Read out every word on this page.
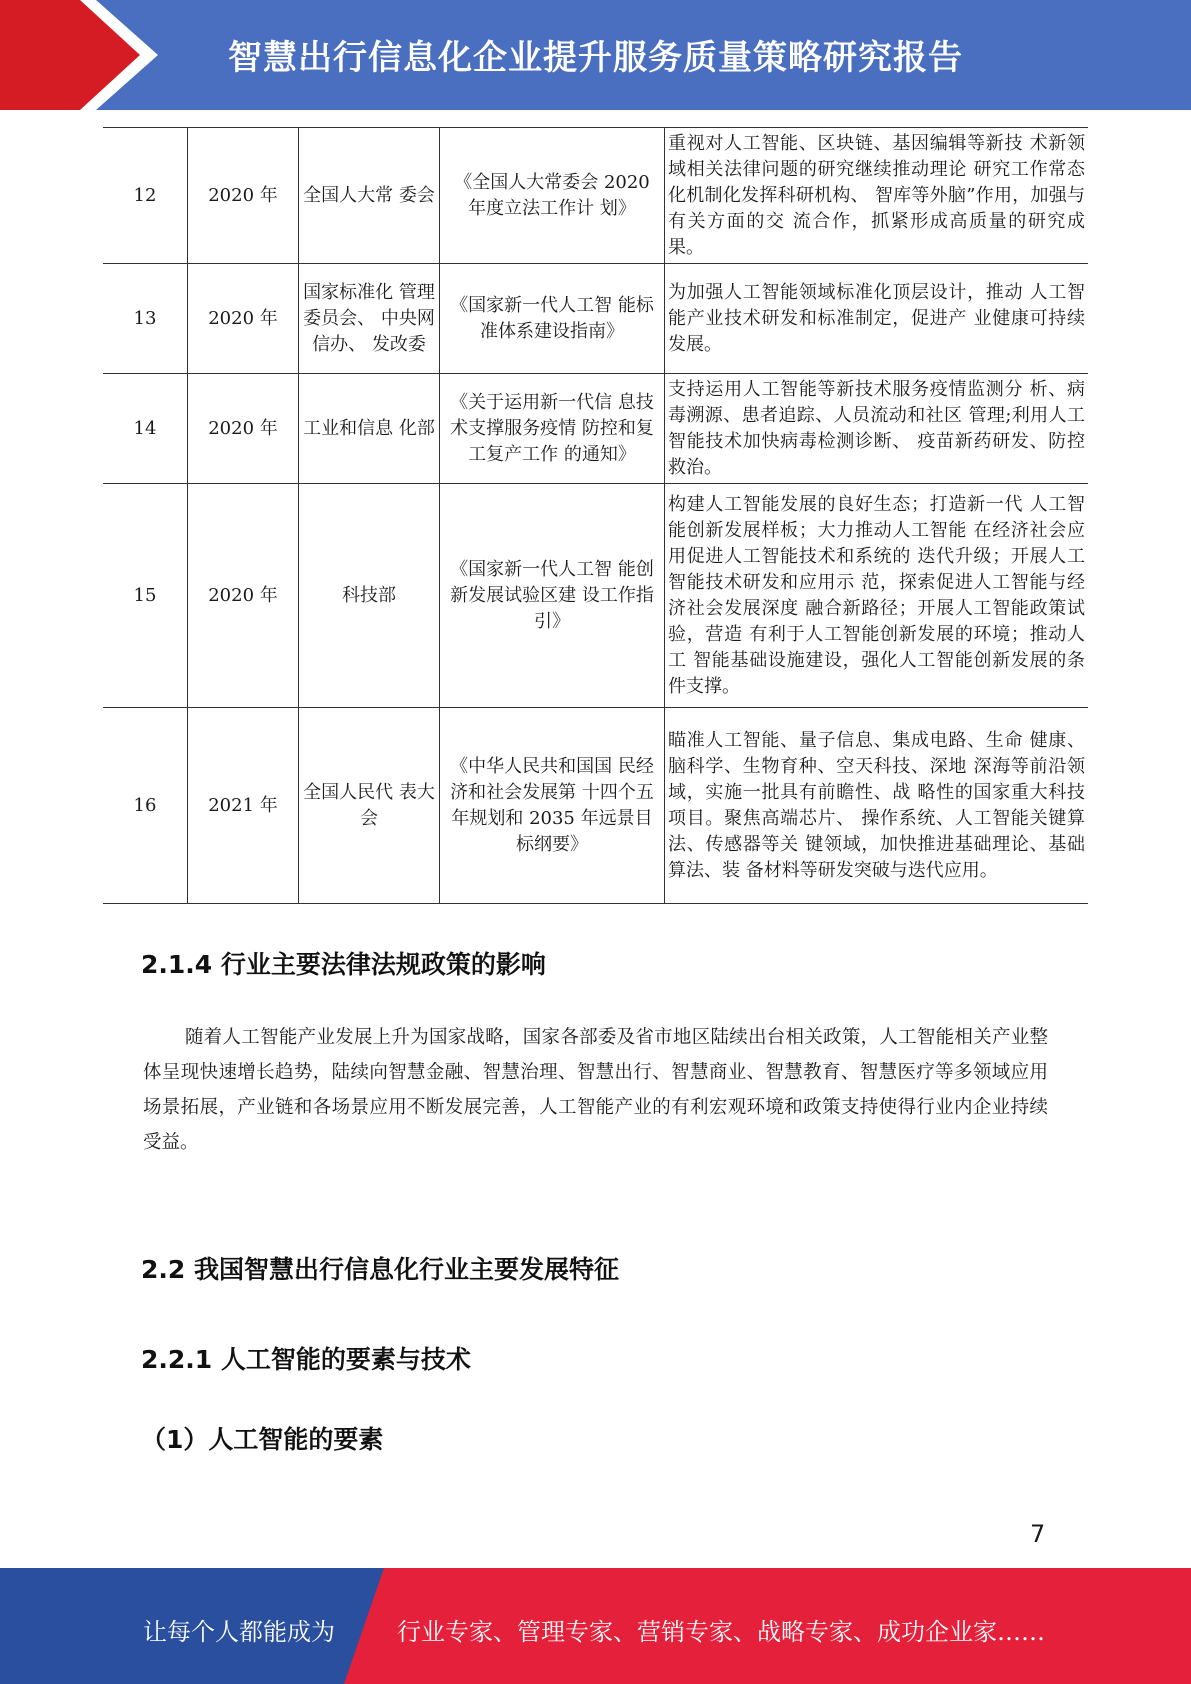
智慧出行信息化企业提升服务质量策略研究报告
12	2020 年	全国人大常 委会	《全国人大常委会 2020 年度立法工作计 划》	重视对人工智能、区块链、基因编辑等新技 术新领域相关法律问题的研究继续推动理论 研究工作常态化机制化发挥科研机构、 智库等外脑”作用，加强与有关方面的交 流合作，抓紧形成高质量的研究成果。
13	2020 年	国家标准化 管理委员会、 中央网信办、 发改委	《国家新一代人工智 能标准体系建设指南》	为加强人工智能领域标准化顶层设计，推动 人工智能产业技术研发和标准制定，促进产 业健康可持续发展。
14	2020 年	工业和信息 化部	《关于运用新一代信 息技术支撑服务疫情 防控和复工复产工作 的通知》	支持运用人工智能等新技术服务疫情监测分 析、病毒溯源、患者追踪、人员流动和社区 管理;利用人工智能技术加快病毒检测诊断、 疫苗新药研发、防控救治。
15	2020 年	科技部	《国家新一代人工智 能创新发展试验区建 设工作指引》	构建人工智能发展的良好生态；打造新一代 人工智能创新发展样板；大力推动人工智能 在经济社会应用促进人工智能技术和系统的 迭代升级；开展人工智能技术研发和应用示 范，探索促进人工智能与经济社会发展深度 融合新路径；开展人工智能政策试验，营造 有利于人工智能创新发展的环境；推动人工 智能基础设施建设，强化人工智能创新发展的条件支撑。
16	2021 年	全国人民代 表大会	《中华人民共和国国 民经济和社会发展第 十四个五年规划和 2035 年远景目标纲要》	瞄准人工智能、量子信息、集成电路、生命 健康、脑科学、生物育种、空天科技、深地 深海等前沿领域，实施一批具有前瞻性、战 略性的国家重大科技项目。聚焦高端芯片、 操作系统、人工智能关键算法、传感器等关 键领域，加快推进基础理论、基础算法、装 备材料等研发突破与迭代应用。
2.1.4 行业主要法律法规政策的影响
随着人工智能产业发展上升为国家战略，国家各部委及省市地区陆续出台相关政策，人工智能相关产业整体呈现快速增长趋势，陆续向智慧金融、智慧治理、智慧出行、智慧商业、智慧教育、智慧医疗等多领域应用场景拓展，产业链和各场景应用不断发展完善，人工智能产业的有利宏观环境和政策支持使得行业内企业持续受益。
2.2 我国智慧出行信息化行业主要发展特征
2.2.1 人工智能的要素与技术
（1）人工智能的要素
7
让每个人都能成为	行业专家、管理专家、营销专家、战略专家、成功企业家……
